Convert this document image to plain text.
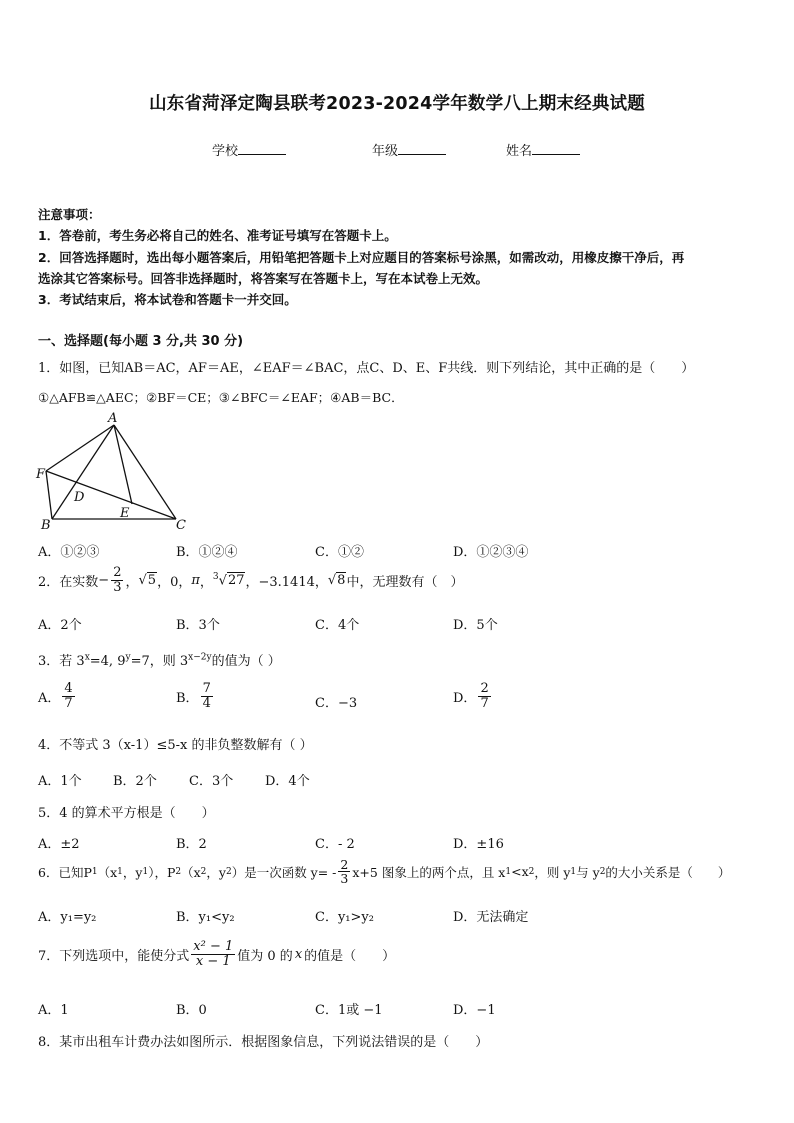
山东省菏泽定陶县联考2023-2024学年数学八上期末经典试题
学校	年级	姓名
注意事项：
1．答卷前，考生务必将自己的姓名、准考证号填写在答题卡上。
2．回答选择题时，选出每小题答案后，用铅笔把答题卡上对应题目的答案标号涂黑，如需改动，用橡皮擦干净后，再
选涂其它答案标号。回答非选择题时，将答案写在答题卡上，写在本试卷上无效。
3．考试结束后，将本试卷和答题卡一并交回。
一、选择题(每小题 3 分,共 30 分)
1．如图，已知AB＝AC，AF＝AE，∠EAF＝∠BAC，点C、D、E、F共线．则下列结论，其中正确的是（　　）
①△AFB≌△AEC；②BF＝CE；③∠BFC＝∠EAF；④AB＝BC．
A
F
D
E
B	C
A．①②③	B．①②④	C．①②	D．①②③④
2．在实数 − $\frac{2}{3}$ ， √5 ，0， π ， $^3$√27 ，−3.1414， √8 中，无理数有（　）
A．2个	B．3个	C．4个	D．5个
3．若 $3^x=4$, $9^y=7$，则 $3^{x-2y}$的值为（ ）
A． $\frac{4}{7}$	B． $\frac{7}{4}$	C．−3	D． $\frac{2}{7}$
4．不等式 3（x-1）≤5-x 的非负整数解有（ ）
A．1个 B．2个 C．3个 D．4个
5．4 的算术平方根是（　　）
A．±2	B．2	C．- 2	D．±16
6．已知P 1 （x 1 ，y 1 ），P 2 （x 2 ，y 2 ）是一次函数 $y= - \frac{2}{3} x+5$ 图象上的两个点，且 x 1 <x 2 ，则 y 1 与 y 2 的大小关系是（　　）
A．y₁=y₂	B．y₁<y₂	C．y₁>y₂	D．无法确定
7．下列选项中，能使分式 $\frac{\text{x² − 1}}{x - 1}$ 值为 0 的 x 的值是（　　）
A．1	B．0	C．1或 −1	D．−1
8．某市出租车计费办法如图所示．根据图象信息，下列说法错误的是（　　）
